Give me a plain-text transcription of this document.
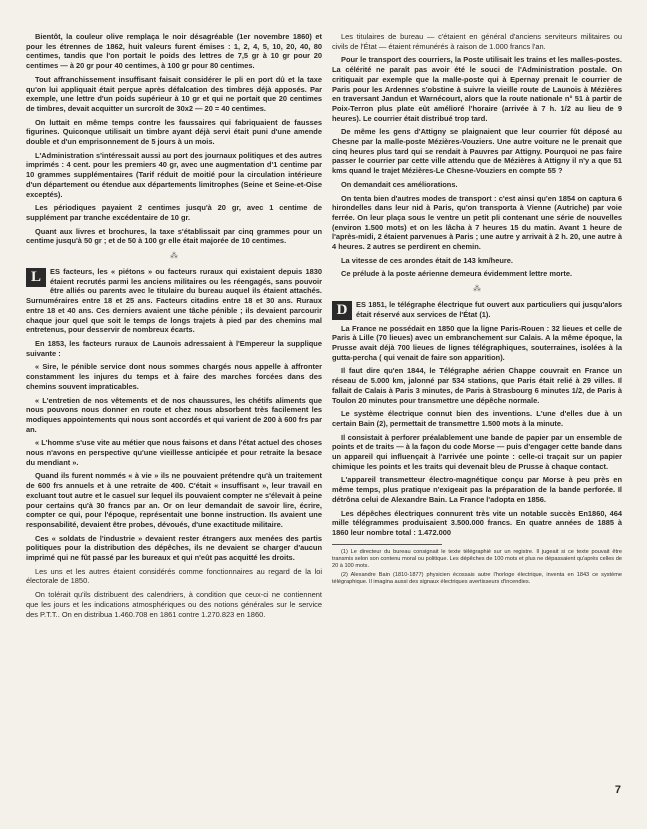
Bientôt, la couleur olive remplaça le noir désagréable (1er novembre 1860) et pour les étrennes de 1862, huit valeurs furent émises : 1, 2, 4, 5, 10, 20, 40, 80 centimes, tandis que l'on portait le poids des lettres de 7,5 gr à 10 gr pour 20 centimes — à 20 gr pour 40 centimes, à 100 gr pour 80 centimes.

Tout affranchissement insuffisant faisait considérer le pli en port dû et la taxe qu'on lui appliquait était perçue après défalcation des timbres déjà apposés. Par exemple, une lettre d'un poids supérieur à 10 gr et qui ne portait que 20 centimes de timbres, devait acquitter un surcroît de 30x2 — 20 = 40 centimes.

On luttait en même temps contre les faussaires qui fabriquaient de fausses figurines. Quiconque utilisait un timbre ayant déjà servi était puni d'une amende double et d'un emprisonnement de 5 jours à un mois.

L'Administration s'intéressait aussi au port des journaux politiques et des autres imprimés : 4 cent. pour les premiers 40 gr, avec une augmentation d'1 centime par 10 grammes supplémentaires (Tarif réduit de moitié pour la circulation intérieure d'un département ou étendue aux départements limitrophes (Seine et Seine-et-Oise exceptés).

Les périodiques payaient 2 centimes jusqu'à 20 gr, avec 1 centime de supplément par tranche excédentaire de 10 gr.

Quant aux livres et brochures, la taxe s'établissait par cinq grammes pour un centime jusqu'à 50 gr ; et de 50 à 100 gr elle était majorée de 10 centimes.

⁂

L	ES facteurs, les « piétons » ou facteurs ruraux qui existaient depuis 1830 étaient recrutés parmi les anciens militaires ou les réengagés, sans pouvoir être alliés ou parents avec le titulaire du bureau auquel ils étaient attachés. Surnuméraires entre 18 et 25 ans. Facteurs citadins entre 18 et 30 ans. Ruraux entre 18 et 40 ans. Ces derniers avaient une tâche pénible ; ils devaient parcourir chaque jour quel que soit le temps de longs trajets à pied par des chemins mal entretenus, pour desservir de nombreux écarts.

En 1853, les facteurs ruraux de Launois adressaient à l'Empereur la supplique suivante :

« Sire, le pénible service dont nous sommes chargés nous appelle à affronter constamment les injures du temps et à faire des marches forcées dans des chemins souvent impraticables.

« L'entretien de nos vêtements et de nos chaussures, les chétifs aliments que nous pouvons nous donner en route et chez nous absorbent très facilement les modiques appointements qui nous sont accordés et qui varient de 200 à 600 frs par an.

« L'homme s'use vite au métier que nous faisons et dans l'état actuel des choses nous n'avons en perspective qu'une vieillesse anticipée et pour retraite la besace du mendiant ».

Quand ils furent nommés « à vie » ils ne pouvaient prétendre qu'à un traitement de 600 frs annuels et à une retraite de 400. C'était « insuffisant », leur travail en excluant tout autre et le casuel sur lequel ils pouvaient compter ne s'élevait à peine pour certains qu'à 30 francs par an. Or on leur demandait de savoir lire, écrire, compter ce qui, pour l'époque, représentait une bonne instruction. Ils avaient une responsabilité, devaient être probes, dévoués, d'une exactitude militaire.

Ces « soldats de l'industrie » devaient rester étrangers aux menées des partis politiques pour la distribution des dépêches, ils ne devaient se charger d'aucun imprimé qui ne fût passé par les bureaux et qui n'eût pas acquitté les droits.

Les uns et les autres étaient considérés comme fonctionnaires au regard de la loi électorale de 1850.

On tolérait qu'ils distribuent des calendriers, à condition que ceux-ci ne contiennent que les jours et les indications atmosphériques ou des notions générales sur le service des P.T.T.. On en distribua 1.460.708 en 1861 contre 1.270.823 en 1860.

Les titulaires de bureau — c'étaient en général d'anciens serviteurs militaires ou civils de l'État — étaient rémunérés à raison de 1.000 francs l'an.

Pour le transport des courriers, la Poste utilisait les trains et les malles-postes. La célérité ne paraît pas avoir été le souci de l'Administration postale. On critiquait par exemple que la malle-poste qui à Epernay prenait le courrier de Paris pour les Ardennes s'obstine à suivre la vieille route de Launois à Mézières en traversant Jandun et Warnécourt, alors que la route nationale n° 51 à partir de Poix-Terron plus plate eût amélioré l'horaire (arrivée à 7 h. 1/2 au lieu de 9 heures). Le courrier était distribué trop tard.

De même les gens d'Attigny se plaignaient que leur courrier fût déposé au Chesne par la malle-poste Mézières-Vouziers. Une autre voiture ne le prenait que cinq heures plus tard qui se rendait à Pauvres par Attigny. Pourquoi ne pas faire passer le courrier par cette ville attendu que de Mézières à Attigny il n'y a que 51 kms quand le trajet Mézières-Le Chesne-Vouziers en compte 55 ?

On demandait ces améliorations.

On tenta bien d'autres modes de transport : c'est ainsi qu'en 1854 on captura 6 hirondelles dans leur nid à Paris, qu'on transporta à Vienne (Autriche) par voie ferrée. On leur plaça sous le ventre un petit pli contenant une série de nouvelles (environ 1.500 mots) et on les lâcha à 7 heures 15 du matin. Avant 1 heure de l'après-midi, 2 étaient parvenues à Paris ; une autre y arrivait à 2 h. 20, une autre à 4 heures. 2 autres se perdirent en chemin.

La vitesse de ces arondes était de 143 km/heure.

Ce prélude à la poste aérienne demeura évidemment lettre morte.

⁂

D	ES 1851, le télégraphe électrique fut ouvert aux particuliers qui jusqu'alors était réservé aux services de l'État (1).

La France ne possédait en 1850 que la ligne Paris-Rouen : 32 lieues et celle de Paris à Lille (70 lieues) avec un embranchement sur Calais. A la même époque, la Prusse avait déjà 700 lieues de lignes télégraphiques, souterraines, isolées à la gutta-percha ( qui venait de faire son apparition).

Il faut dire qu'en 1844, le Télégraphe aérien Chappe couvrait en France un réseau de 5.000 km, jalonné par 534 stations, que Paris était relié à 29 villes. Il fallait de Calais à Paris 3 minutes, de Paris à Strasbourg 6 minutes 1/2, de Paris à Toulon 20 minutes pour transmettre une dépêche normale.

Le système électrique connut bien des inventions. L'une d'elles due à un certain Bain (2), permettait de transmettre 1.500 mots à la minute.

Il consistait à perforer préalablement une bande de papier par un ensemble de points et de traits — à la façon du code Morse — puis d'engager cette bande dans un appareil qui influençait à l'arrivée une pointe : celle-ci traçait sur un papier chimique les points et les traits qui devenait bleu de Prusse à chaque contact.

L'appareil transmetteur électro-magnétique conçu par Morse à peu près en même temps, plus pratique n'exigeait pas la préparation de la bande perforée. Il détrôna celui de Alexandre Bain. La France l'adopta en 1856.

Les dépêches électriques connurent très vite un notable succès En1860, 464 mille télégrammes produisaient 3.500.000 francs. En quatre années de 1885 à 1860 leur nombre total : 1.472.000

(1) Le directeur du bureau consignait le texte télégraphié sur un registre. Il jugeait si ce texte pouvait être transmis selon son contenu moral ou politique. Les dépêches de 100 mots et plus ne dépassaient qu'après celles de 20 à 100 mots.

(2) Alexandre Bain (1810-1877) physicien écossais autre l'horloge électrique, inventa en 1843 ce système télégraphique. Il imagina aussi des signaux électriques avertisseurs d'incendies.

7
